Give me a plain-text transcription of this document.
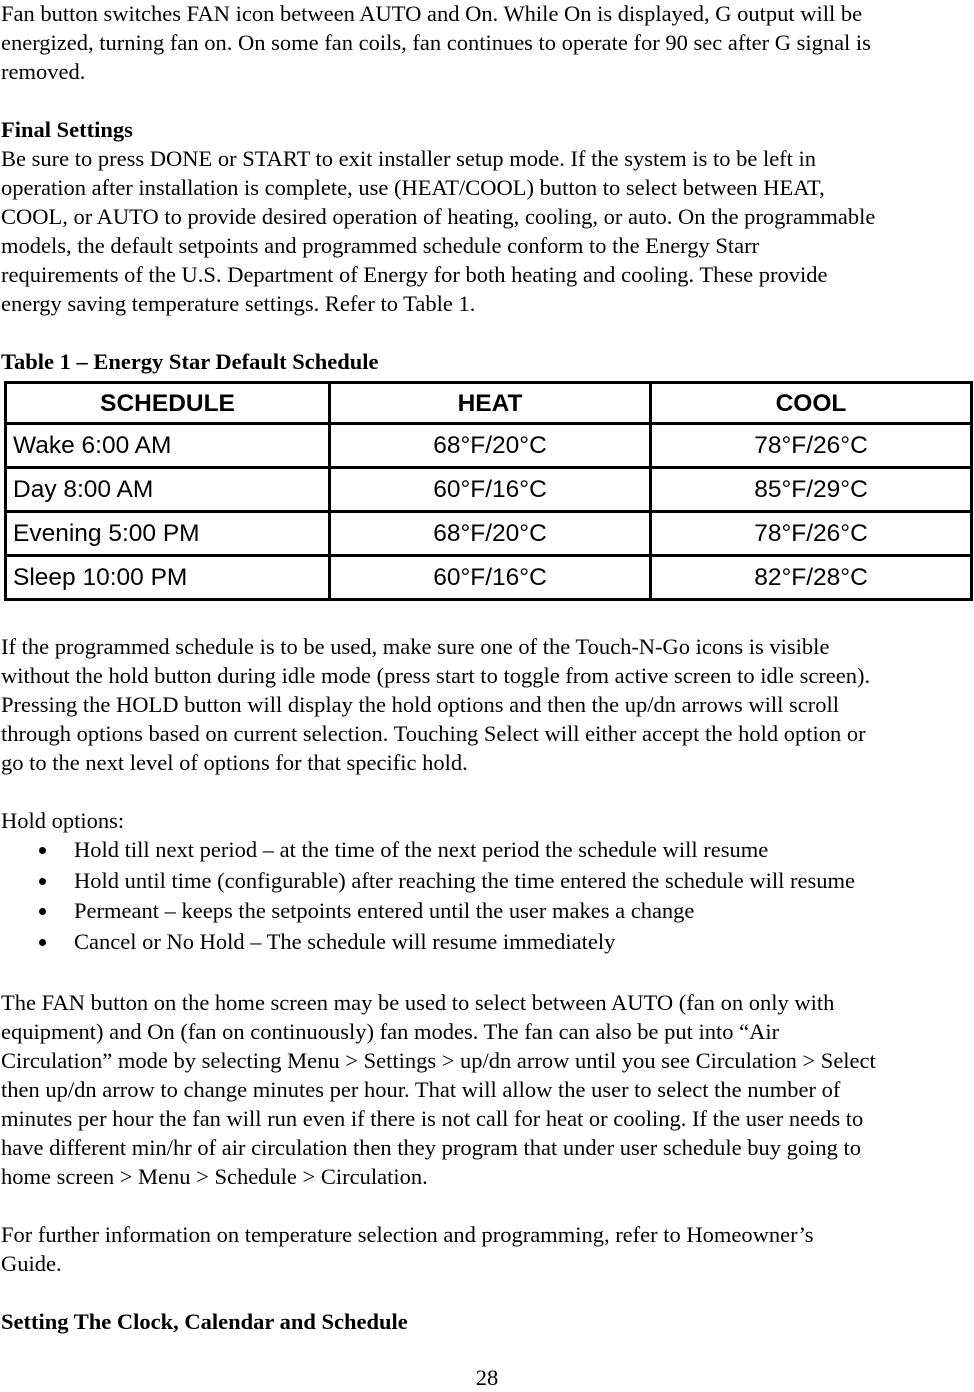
Fan button switches FAN icon between AUTO and On. While On is displayed, G output will be

energized, turning fan on. On some fan coils, fan continues to operate for 90 sec after G signal is

removed.

Final Settings

Be sure to press DONE or START to exit installer setup mode. If the system is to be left in

operation after installation is complete, use (HEAT/COOL) button to select between HEAT,

COOL, or AUTO to provide desired operation of heating, cooling, or auto. On the programmable

models, the default setpoints and programmed schedule conform to the Energy Starr

requirements of the U.S. Department of Energy for both heating and cooling. These provide

energy saving temperature settings. Refer to Table 1.

Table 1 – Energy Star Default Schedule

SCHEDULE	HEAT	COOL
Wake 6:00 AM	68°F/20°C	78°F/26°C
Day 8:00 AM	60°F/16°C	85°F/29°C
Evening 5:00 PM	68°F/20°C	78°F/26°C
Sleep 10:00 PM	60°F/16°C	82°F/28°C

If the programmed schedule is to be used, make sure one of the Touch-N-Go icons is visible

without the hold button during idle mode (press start to toggle from active screen to idle screen).

Pressing the HOLD button will display the hold options and then the up/dn arrows will scroll

through options based on current selection. Touching Select will either accept the hold option or

go to the next level of options for that specific hold.

Hold options:

Hold till next period – at the time of the next period the schedule will resume
Hold until time (configurable) after reaching the time entered the schedule will resume
Permeant – keeps the setpoints entered until the user makes a change
Cancel or No Hold – The schedule will resume immediately

The FAN button on the home screen may be used to select between AUTO (fan on only with

equipment) and On (fan on continuously) fan modes. The fan can also be put into “Air

Circulation” mode by selecting Menu > Settings > up/dn arrow until you see Circulation > Select

then up/dn arrow to change minutes per hour. That will allow the user to select the number of

minutes per hour the fan will run even if there is not call for heat or cooling. If the user needs to

have different min/hr of air circulation then they program that under user schedule buy going to

home screen > Menu > Schedule > Circulation.

For further information on temperature selection and programming, refer to Homeowner’s

Guide.

Setting The Clock, Calendar and Schedule

28
